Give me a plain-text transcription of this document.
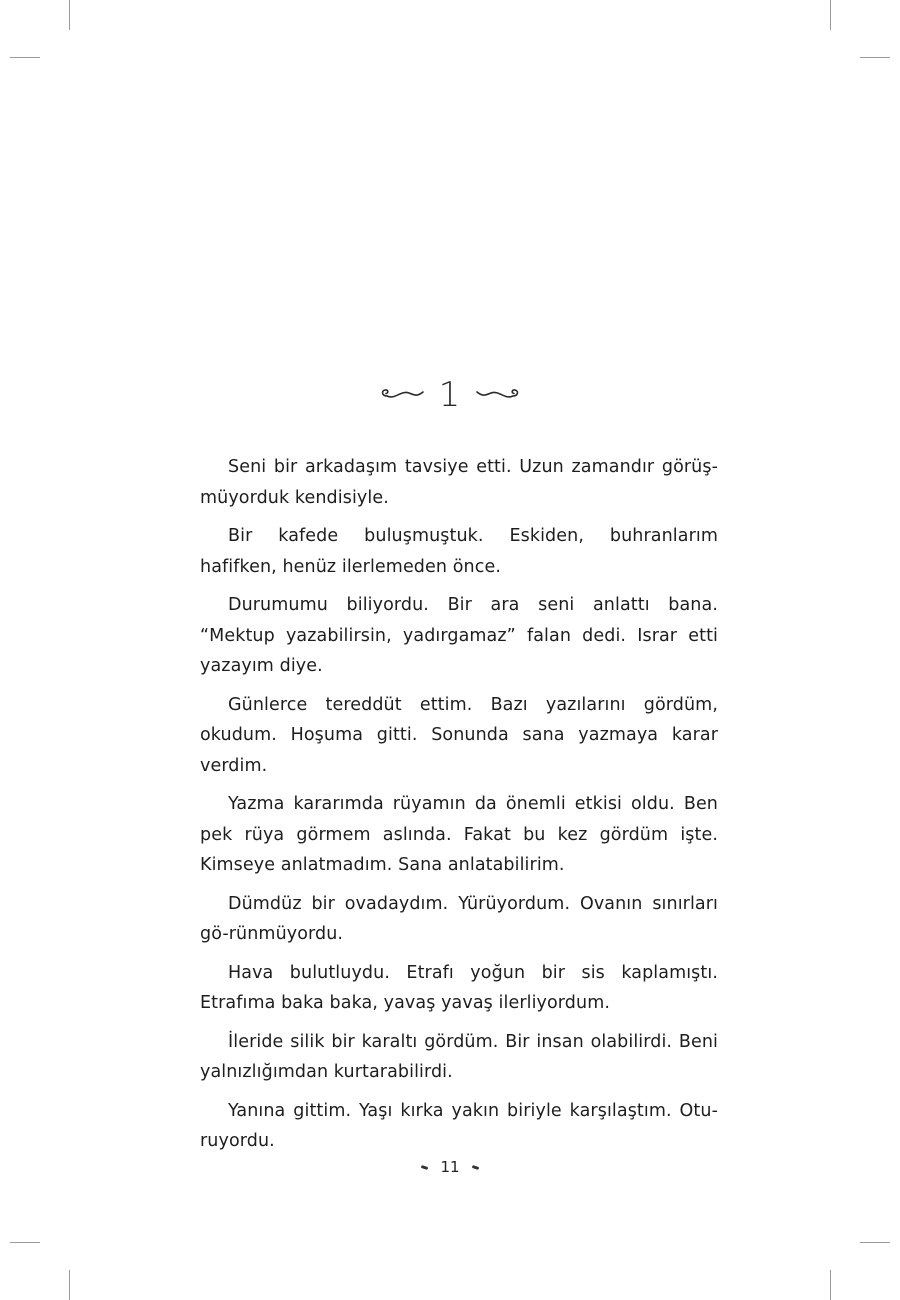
1

Seni bir arkadaşım tavsiye etti. Uzun zamandır görüş-müyorduk kendisiyle.

Bir kafede buluşmuştuk. Eskiden, buhranlarım hafifken, henüz ilerlemeden önce.

Durumumu biliyordu. Bir ara seni anlattı bana. “Mektup yazabilirsin, yadırgamaz” falan dedi. Israr etti yazayım diye.

Günlerce tereddüt ettim. Bazı yazılarını gördüm, okudum. Hoşuma gitti. Sonunda sana yazmaya karar verdim.

Yazma kararımda rüyamın da önemli etkisi oldu. Ben pek rüya görmem aslında. Fakat bu kez gördüm işte. Kimseye anlatmadım. Sana anlatabilirim.

Dümdüz bir ovadaydım. Yürüyordum. Ovanın sınırları gö-rünmüyordu.

Hava bulutluydu. Etrafı yoğun bir sis kaplamıştı. Etrafıma baka baka, yavaş yavaş ilerliyordum.

İleride silik bir karaltı gördüm. Bir insan olabilirdi. Beni yalnızlığımdan kurtarabilirdi.

Yanına gittim. Yaşı kırka yakın biriyle karşılaştım. Otu-ruyordu.

11
